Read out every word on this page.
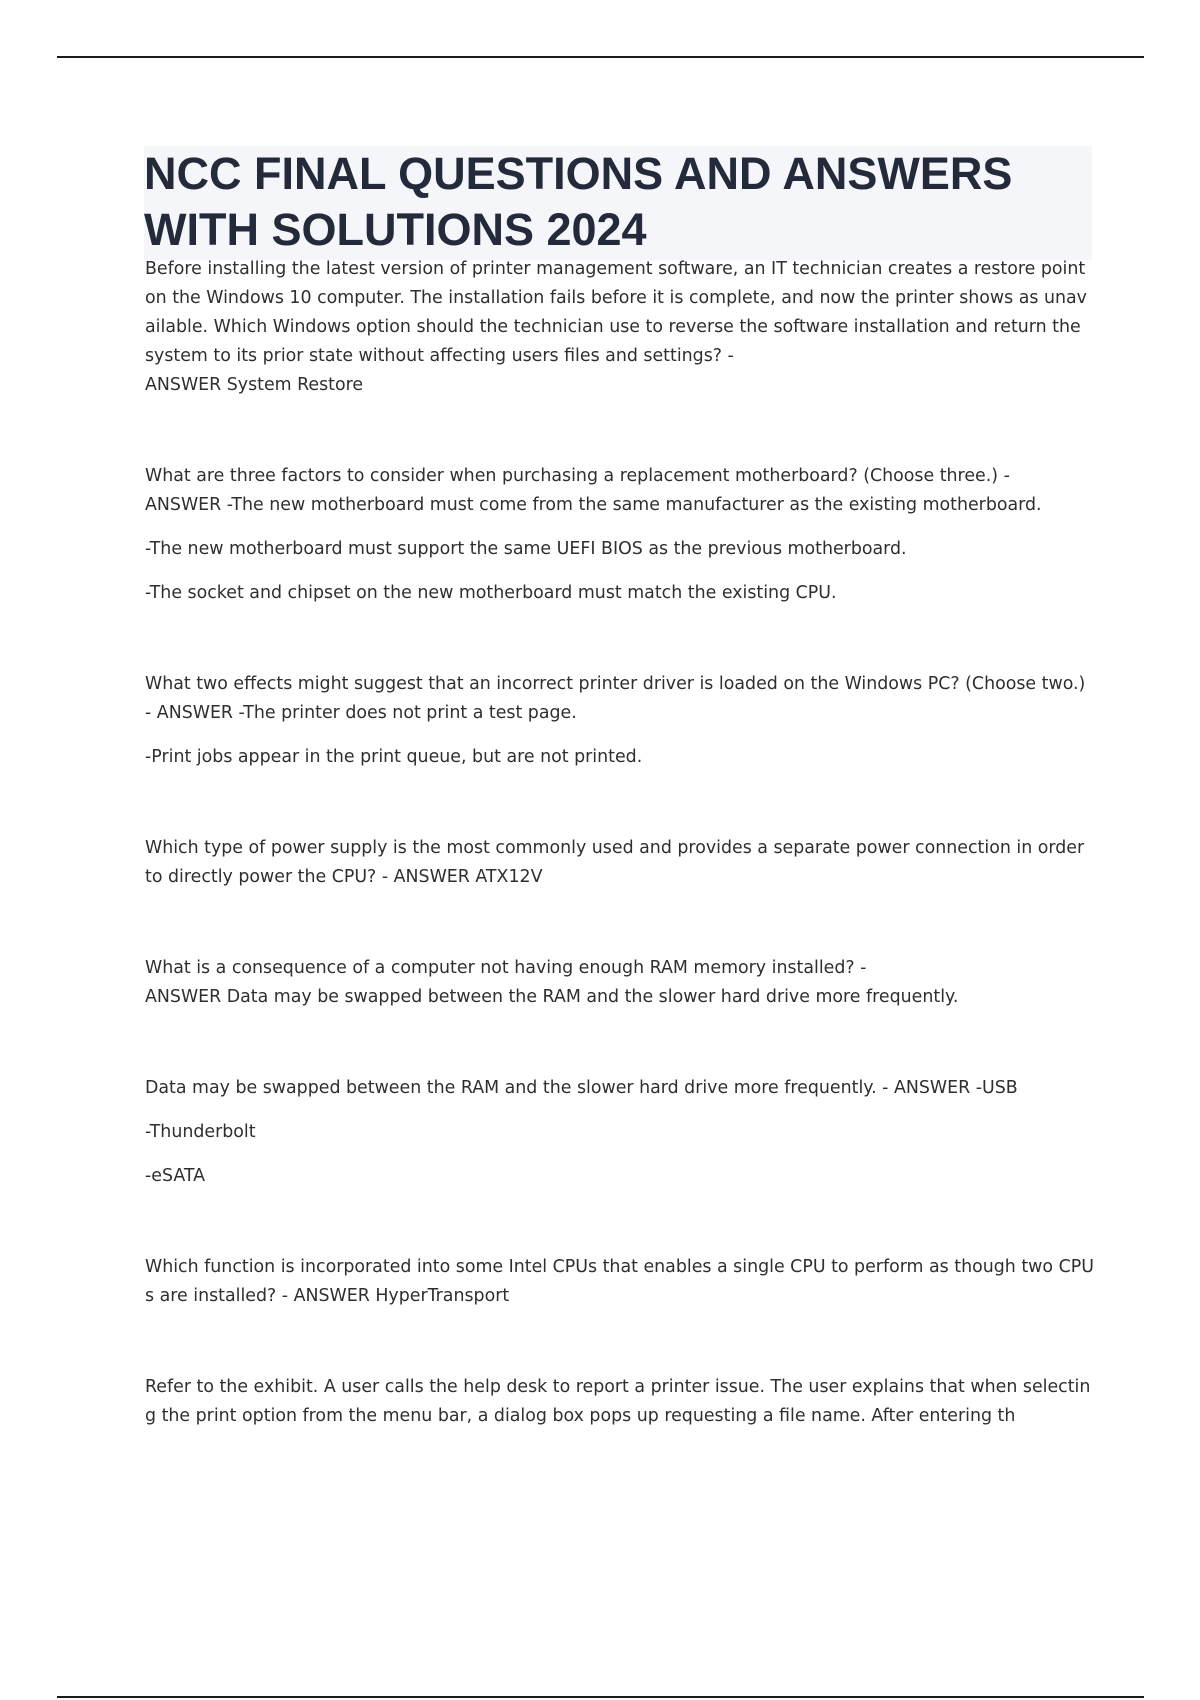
NCC FINAL QUESTIONS AND ANSWERS WITH SOLUTIONS 2024

Before installing the latest version of printer management software, an IT technician creates a restore point on the Windows 10 computer. The installation fails before it is complete, and now the printer shows as unavailable. Which Windows option should the technician use to reverse the software installation and return the system to its prior state without affecting users files and settings? -

ANSWER System Restore

What are three factors to consider when purchasing a replacement motherboard? (Choose three.) -

ANSWER -The new motherboard must come from the same manufacturer as the existing motherboard.

-The new motherboard must support the same UEFI BIOS as the previous motherboard.

-The socket and chipset on the new motherboard must match the existing CPU.

What two effects might suggest that an incorrect printer driver is loaded on the Windows PC? (Choose two.) - ANSWER -The printer does not print a test page.

-Print jobs appear in the print queue, but are not printed.

Which type of power supply is the most commonly used and provides a separate power connection in order to directly power the CPU? - ANSWER ATX12V

What is a consequence of a computer not having enough RAM memory installed? -

ANSWER Data may be swapped between the RAM and the slower hard drive more frequently.

Data may be swapped between the RAM and the slower hard drive more frequently. - ANSWER -USB

-Thunderbolt

-eSATA

Which function is incorporated into some Intel CPUs that enables a single CPU to perform as though two CPUs are installed? - ANSWER HyperTransport

Refer to the exhibit. A user calls the help desk to report a printer issue. The user explains that when selecting the print option from the menu bar, a dialog box pops up requesting a file name. After entering th
